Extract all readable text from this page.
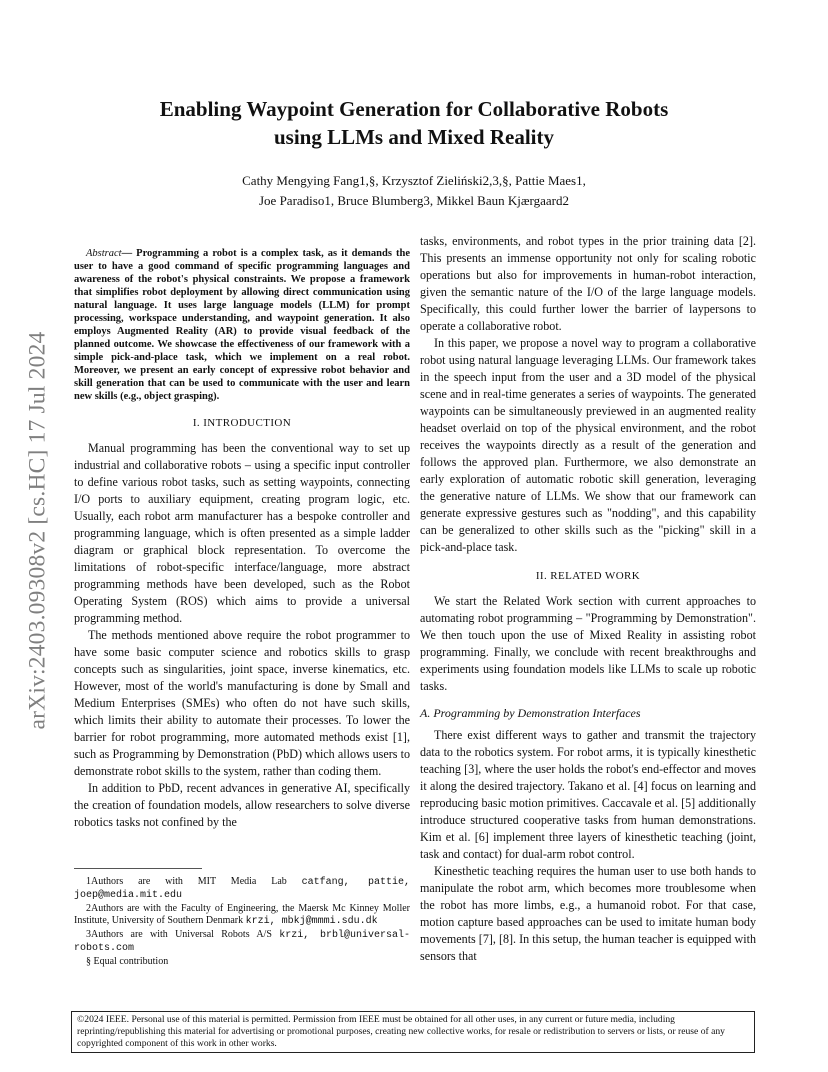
arXiv:2403.09308v2 [cs.HC] 17 Jul 2024
Enabling Waypoint Generation for Collaborative Robots
using LLMs and Mixed Reality
Cathy Mengying Fang1,§, Krzysztof Zieliński2,3,§, Pattie Maes1,
Joe Paradiso1, Bruce Blumberg3, Mikkel Baun Kjærgaard2

Abstract— Programming a robot is a complex task, as it demands the user to have a good command of specific programming languages and awareness of the robot's physical constraints. We propose a framework that simplifies robot deployment by allowing direct communication using natural language. It uses large language models (LLM) for prompt processing, workspace understanding, and waypoint generation. It also employs Augmented Reality (AR) to provide visual feedback of the planned outcome. We showcase the effectiveness of our framework with a simple pick-and-place task, which we implement on a real robot. Moreover, we present an early concept of expressive robot behavior and skill generation that can be used to communicate with the user and learn new skills (e.g., object grasping).

I. INTRODUCTION

Manual programming has been the conventional way to set up industrial and collaborative robots – using a specific input controller to define various robot tasks, such as setting waypoints, connecting I/O ports to auxiliary equipment, creating program logic, etc. Usually, each robot arm manufacturer has a bespoke controller and programming language, which is often presented as a simple ladder diagram or graphical block representation. To overcome the limitations of robot-specific interface/language, more abstract programming methods have been developed, such as the Robot Operating System (ROS) which aims to provide a universal programming method.

The methods mentioned above require the robot programmer to have some basic computer science and robotics skills to grasp concepts such as singularities, joint space, inverse kinematics, etc. However, most of the world's manufacturing is done by Small and Medium Enterprises (SMEs) who often do not have such skills, which limits their ability to automate their processes. To lower the barrier for robot programming, more automated methods exist [1], such as Programming by Demonstration (PbD) which allows users to demonstrate robot skills to the system, rather than coding them.

In addition to PbD, recent advances in generative AI, specifically the creation of foundation models, allow researchers to solve diverse robotics tasks not confined by the

tasks, environments, and robot types in the prior training data [2]. This presents an immense opportunity not only for scaling robotic operations but also for improvements in human-robot interaction, given the semantic nature of the I/O of the large language models. Specifically, this could further lower the barrier of laypersons to operate a collaborative robot.

In this paper, we propose a novel way to program a collaborative robot using natural language leveraging LLMs. Our framework takes in the speech input from the user and a 3D model of the physical scene and in real-time generates a series of waypoints. The generated waypoints can be simultaneously previewed in an augmented reality headset overlaid on top of the physical environment, and the robot receives the waypoints directly as a result of the generation and follows the approved plan. Furthermore, we also demonstrate an early exploration of automatic robotic skill generation, leveraging the generative nature of LLMs. We show that our framework can generate expressive gestures such as "nodding", and this capability can be generalized to other skills such as the "picking" skill in a pick-and-place task.

II. RELATED WORK

We start the Related Work section with current approaches to automating robot programming – "Programming by Demonstration". We then touch upon the use of Mixed Reality in assisting robot programming. Finally, we conclude with recent breakthroughs and experiments using foundation models like LLMs to scale up robotic tasks.

A. Programming by Demonstration Interfaces

There exist different ways to gather and transmit the trajectory data to the robotics system. For robot arms, it is typically kinesthetic teaching [3], where the user holds the robot's end-effector and moves it along the desired trajectory. Takano et al. [4] focus on learning and reproducing basic motion primitives. Caccavale et al. [5] additionally introduce structured cooperative tasks from human demonstrations. Kim et al. [6] implement three layers of kinesthetic teaching (joint, task and contact) for dual-arm robot control.

Kinesthetic teaching requires the human user to use both hands to manipulate the robot arm, which becomes more troublesome when the robot has more limbs, e.g., a humanoid robot. For that case, motion capture based approaches can be used to imitate human body movements [7], [8]. In this setup, the human teacher is equipped with sensors that

1Authors are with MIT Media Lab catfang, pattie, joep@media.mit.edu

2Authors are with the Faculty of Engineering, the Maersk Mc Kinney Moller Institute, University of Southern Denmark krzi, mbkj@mmmi.sdu.dk

3Authors are with Universal Robots A/S krzi, brbl@universal-robots.com

§ Equal contribution

©2024 IEEE. Personal use of this material is permitted. Permission from IEEE must be obtained for all other uses, in any current or future media, including reprinting/republishing this material for advertising or promotional purposes, creating new collective works, for resale or redistribution to servers or lists, or reuse of any copyrighted component of this work in other works.
